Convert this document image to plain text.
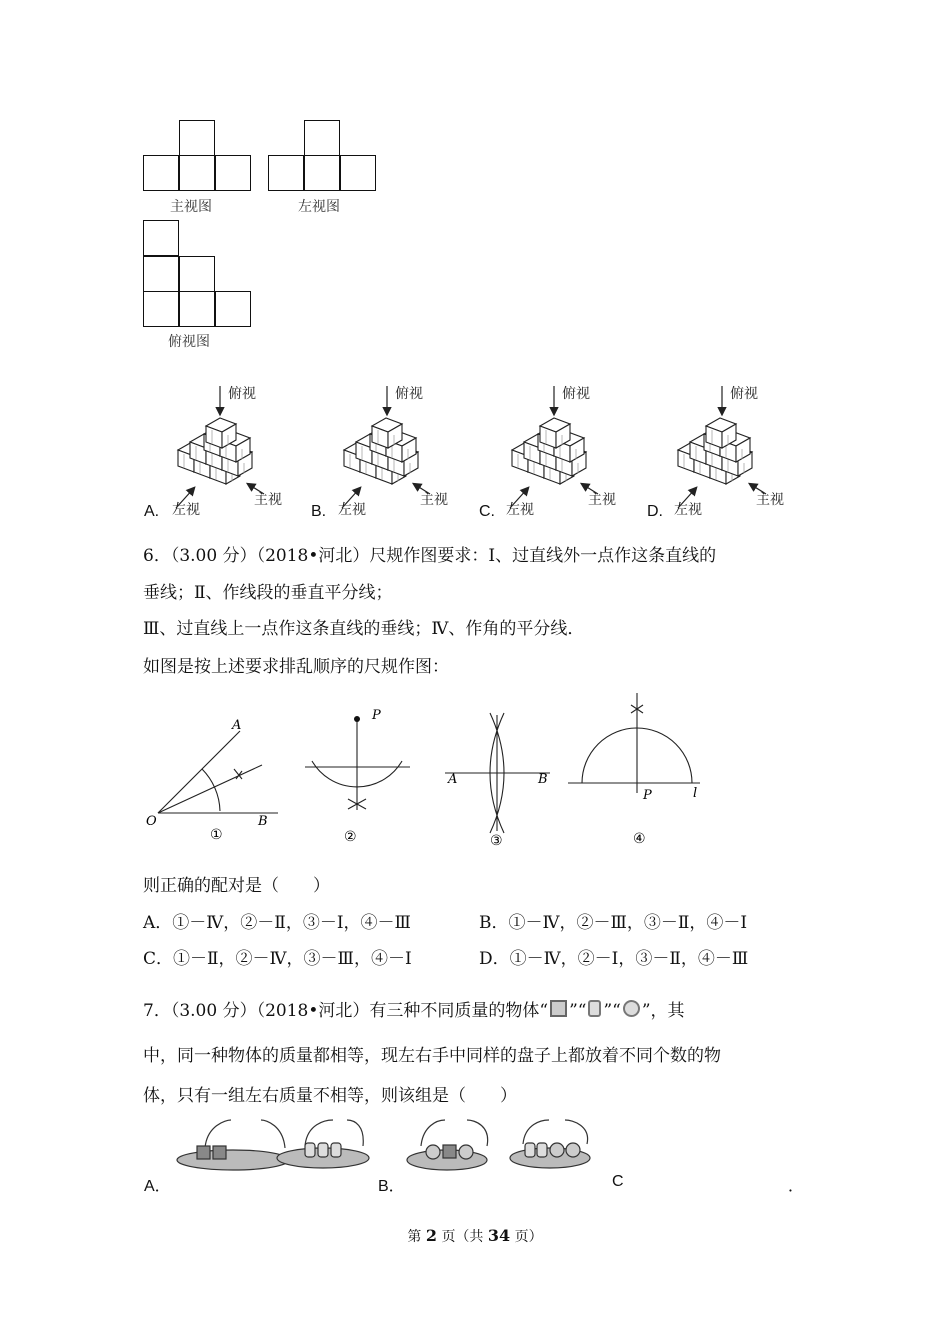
主视图	左视图
俯视图
俯视
左视
主视
俯视
左视
主视
俯视
左视
主视
俯视
左视
主视
A.	B.	C.	D.
6．（3.00 分）（2018•河北）尺规作图要求：Ⅰ、过直线外一点作这条直线的
垂线；Ⅱ、作线段的垂直平分线；
Ⅲ、过直线上一点作这条直线的垂线；Ⅳ、作角的平分线．
如图是按上述要求排乱顺序的尺规作图：
A
O	B
①
P
②
A	B
③
P	l
④
则正确的配对是（　　）
A．①－Ⅳ，②－Ⅱ，③－Ⅰ，④－Ⅲ	B．①－Ⅳ，②－Ⅲ，③－Ⅱ，④－Ⅰ
C．①－Ⅱ，②－Ⅳ，③－Ⅲ，④－Ⅰ	D．①－Ⅳ，②－Ⅰ，③－Ⅱ，④－Ⅲ
7．（3.00 分）（2018•河北）有三种不同质量的物体“ ”“ ”“ ”，其
中，同一种物体的质量都相等，现左右手中同样的盘子上都放着不同个数的物
体，只有一组左右质量不相等，则该组是（　　）
A．	B．	C	．
第 2 页（共 34 页）
